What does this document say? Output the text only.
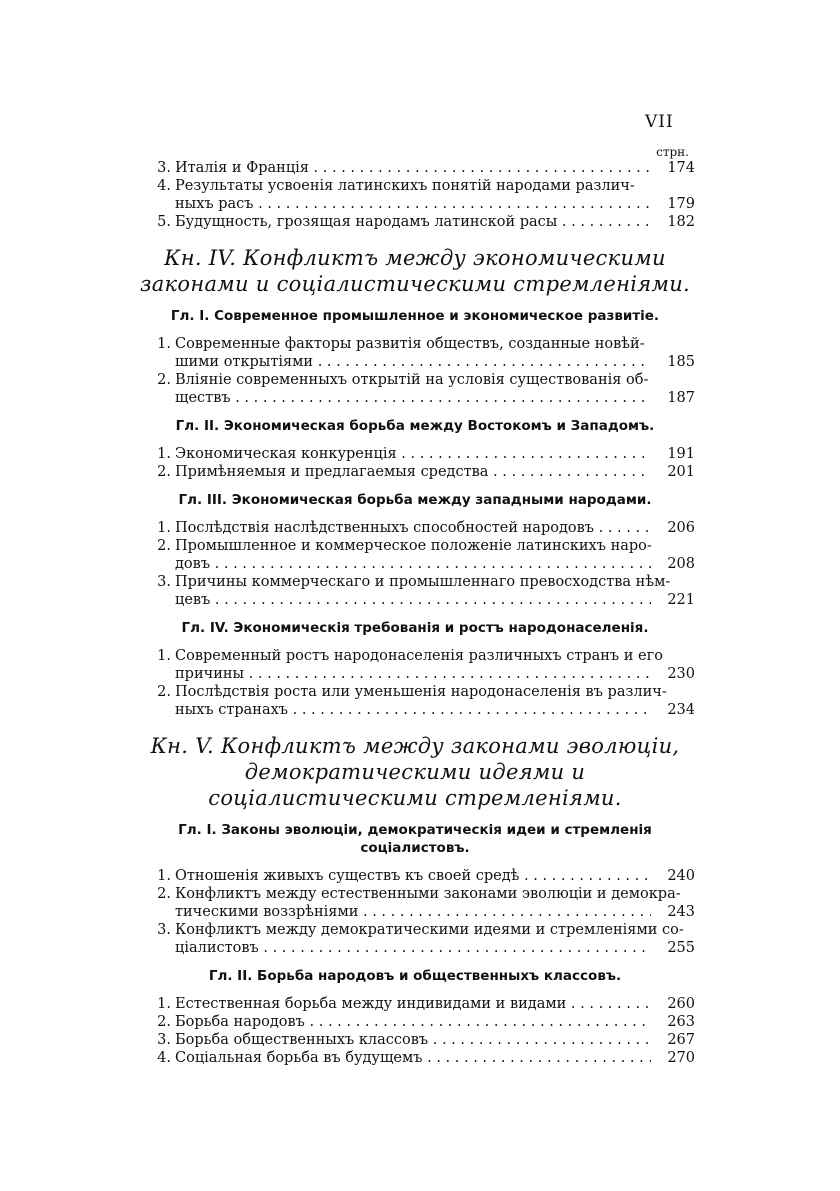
VII
стрн.
3. Италія и Франція . . .	174
4. Результаты усвоенія латинскихъ понятій народами различ-
ныхъ расъ . . .	179
5. Будущность, грозящая народамъ латинской расы . . .	182
Кн. IV. Конфликтъ между экономическими законами и соціалистическими стремленіями.
Гл. I. Современное промышленное и экономическое развитіе.
1. Современные факторы развитія обществъ, созданные новѣй-
шими открытіями . . .	185
2. Вліяніе современныхъ открытій на условія существованія об-
ществъ . . .	187
Гл. II. Экономическая борьба между Востокомъ и Западомъ.
1. Экономическая конкуренція . . .	191
2. Примѣняемыя и предлагаемыя средства . . .	201
Гл. III. Экономическая борьба между западными народами.
1. Послѣдствія наслѣдственныхъ способностей народовъ . . .	206
2. Промышленное и коммерческое положеніе латинскихъ наро-
довъ . . .	208
3. Причины коммерческаго и промышленнаго превосходства нѣм-
цевъ . . .	221
Гл. IV. Экономическія требованія и ростъ народонаселенія.
1. Современный ростъ народонаселенія различныхъ странъ и его
причины . . .	230
2. Послѣдствія роста или уменьшенія народонаселенія въ различ-
ныхъ странахъ . . .	234
Кн. V. Конфликтъ между законами эволюціи, демократическими идеями и соціалистическими стремленіями.
Гл. I. Законы эволюціи, демократическія идеи и стремленія соціалистовъ.
1. Отношенія живыхъ существъ къ своей средѣ . . .	240
2. Конфликтъ между естественными законами эволюціи и демокра-
тическими воззрѣніями . . .	243
3. Конфликтъ между демократическими идеями и стремленіями со-
ціалистовъ . . .	255
Гл. II. Борьба народовъ и общественныхъ классовъ.
1. Естественная борьба между индивидами и видами . . .	260
2. Борьба народовъ . . .	263
3. Борьба общественныхъ классовъ . . .	267
4. Соціальная борьба въ будущемъ . . .	270
